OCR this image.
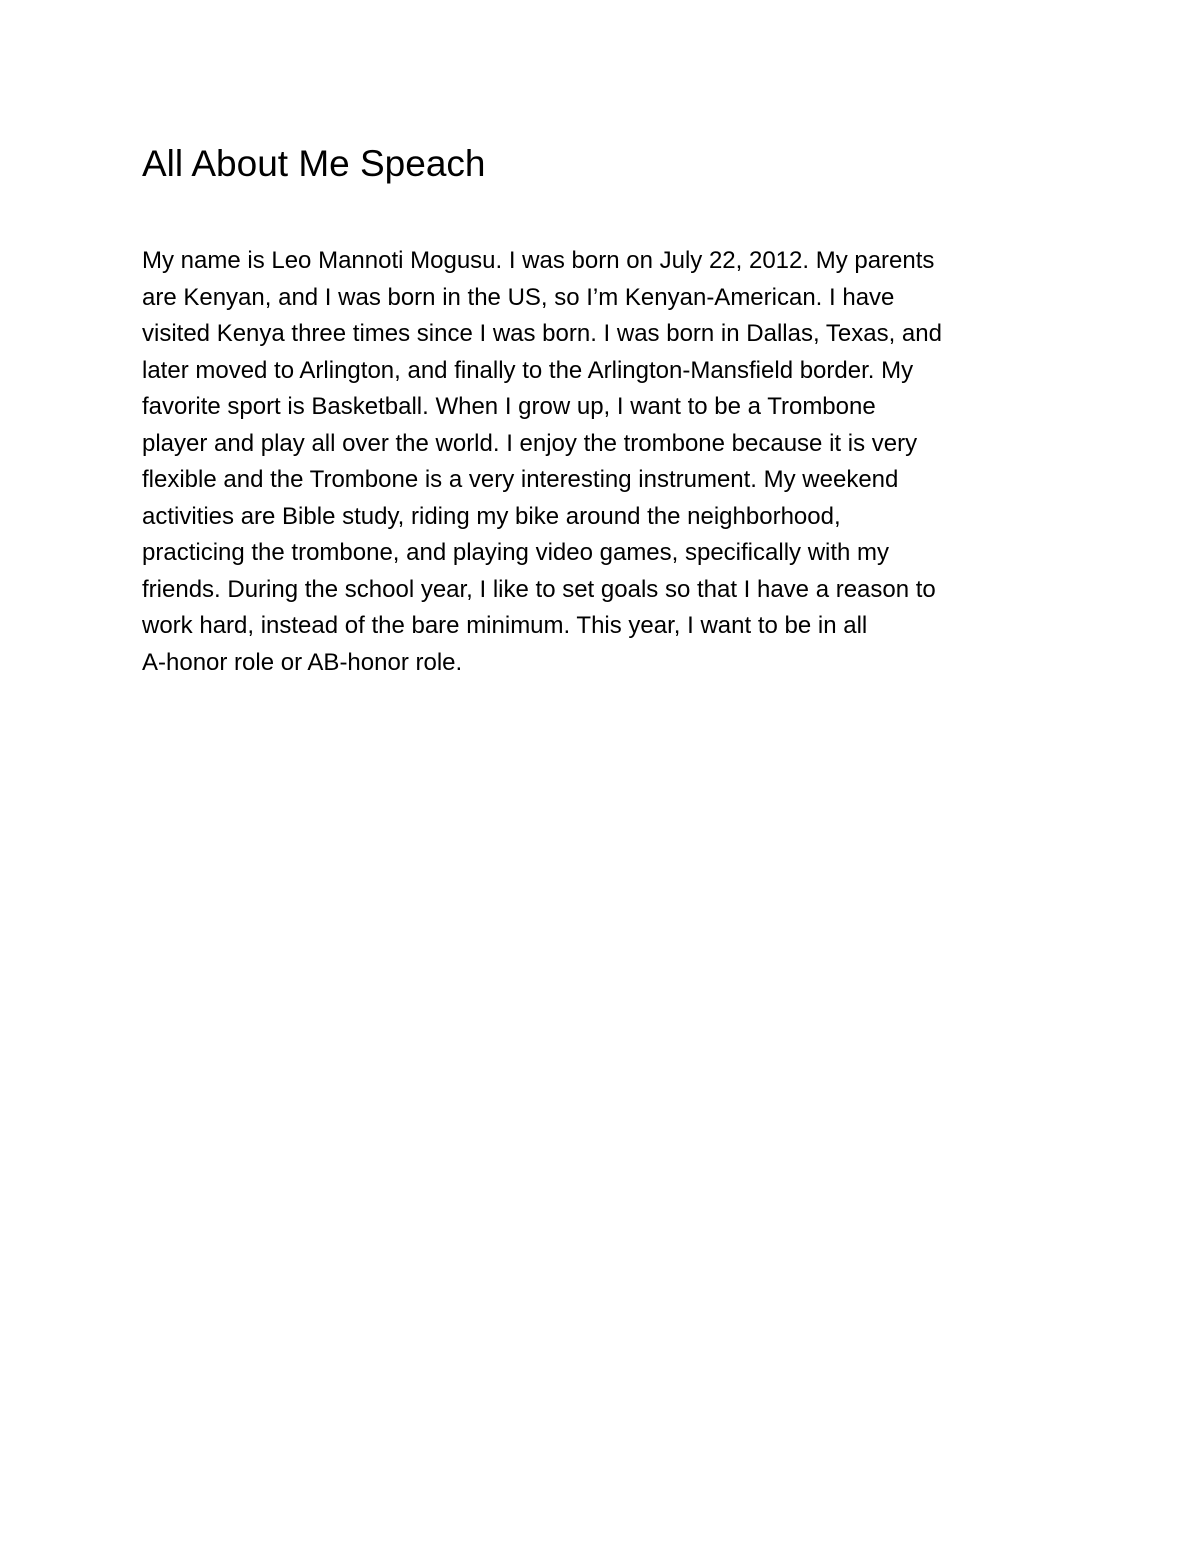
All About Me Speach
My name is Leo Mannoti Mogusu. I was born on July 22, 2012. My parents
are Kenyan, and I was born in the US, so I’m Kenyan-American. I have
visited Kenya three times since I was born. I was born in Dallas, Texas, and
later moved to Arlington, and finally to the Arlington-Mansfield border. My
favorite sport is Basketball. When I grow up, I want to be a Trombone
player and play all over the world. I enjoy the trombone because it is very
flexible and the Trombone is a very interesting instrument. My weekend
activities are Bible study, riding my bike around the neighborhood,
practicing the trombone, and playing video games, specifically with my
friends. During the school year, I like to set goals so that I have a reason to
work hard, instead of the bare minimum. This year, I want to be in all
A-honor role or AB-honor role.
